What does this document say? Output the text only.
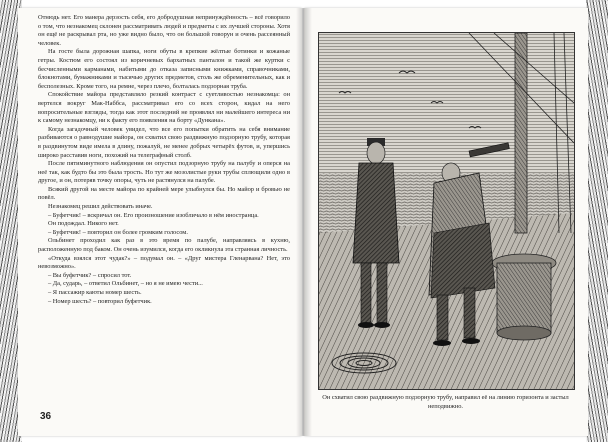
Отнюдь нет. Его манера дерзость себя, его добродушная непринуждённость – всё говорило о том, что незнакомец склонен рассматривать людей и предметы с их лучшей стороны. Хотя он ещё не раскрывал рта, но уже видно было, что он большой говорун и очень рассеянный человек.

На госте была дорожная шапка, ноги обуты в крепкие жёлтые ботинки и кожаные гетры. Костюм его состоял из коричневых бархатных панталон и такой же куртки с бесчисленными карманами, набитыми до отказа записными книжками, справочниками, блокнотами, бумажниками и тысячью других предметов, столь же обременительных, как и бесполезных. Кроме того, на ремне, через плечо, болталась подзорная труба.

Спокойствие майора представляло резкий контраст с суетливостью незнакомца: он вертелся вокруг Мак-Наббса, рассматривал его со всех сторон, кидал на него вопросительные взгляды, тогда как этот последний не проявлял ни малейшего интереса ни к самому незнакомцу, ни к факту его появления на борту «Дункана».

Когда загадочный человек увидел, что все его попытки обратить на себя внимание разбиваются о равнодушие майора, он схватил свою раздвижную подзорную трубу, которая в раздвинутом виде имела в длину, пожалуй, не менее добрых четырёх футов, и, упершись широко расставив ноги, похожий на телеграфный столб.

После пятиминутного наблюдения он опустил подзорную трубу на палубу и оперся на неё так, как будто бы это была трость. Но тут же мозолистые руки трубы сплющили одно в другое, и он, потеряв точку опоры, чуть не растянулся на палубе.

Всякий другой на месте майора по крайней мере улыбнулся бы. Но майор и бровью не повёл.

Незнакомец решил действовать иначе.

– Буфетчик! – вскричал он. Его произношение изобличало в нём иностранца.

Он подождал. Никого нет.

– Буфетчик! – повторил он более громким голосом.

Ольбинет проходил как раз в это время по палубе, направляясь в кухню, расположенную под баком. Он очень изумился, когда его окликнула эта странная личность.

«Откуда взялся этот чудак?» – подумал он. – «Друг мистера Гленарвана? Нет, это невозможно».

– Вы буфетчик? – спросил тот.

– Да, сударь, – ответил Ольбинет, – но я не имею чести...

– Я пассажир каюты номер шесть.

– Номер шесть? – повторил буфетчик.

36
Он схватил свою раздвижную подзорную трубу, направил её на линию горизонта и застыл неподвижно.
